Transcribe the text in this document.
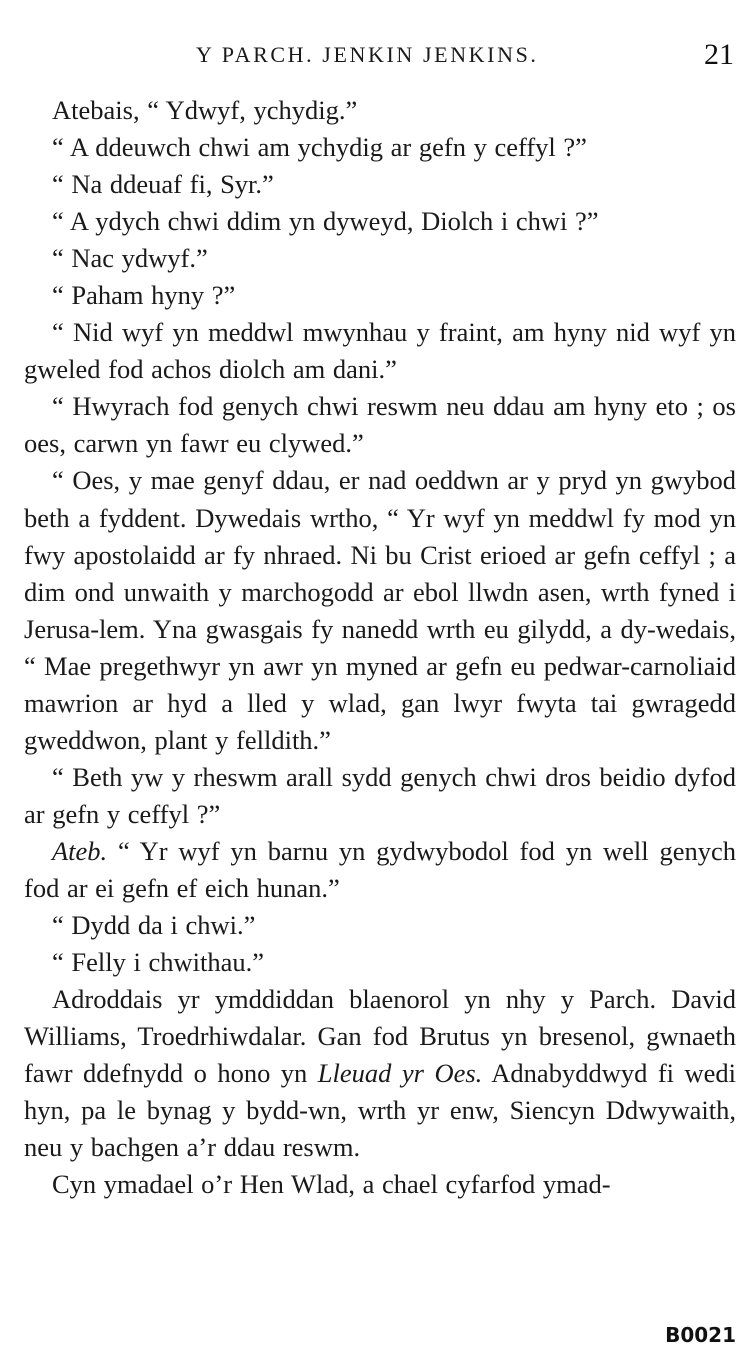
Y PARCH. JENKIN JENKINS.	21

Atebais, “ Ydwyf, ychydig.”

“ A ddeuwch chwi am ychydig ar gefn y ceffyl ?”

“ Na ddeuaf fi, Syr.”

“ A ydych chwi ddim yn dyweyd, Diolch i chwi ?”

“ Nac ydwyf.”

“ Paham hyny ?”

“ Nid wyf yn meddwl mwynhau y fraint, am hyny nid wyf yn gweled fod achos diolch am dani.”

“ Hwyrach fod genych chwi reswm neu ddau am hyny eto ; os oes, carwn yn fawr eu clywed.”

“ Oes, y mae genyf ddau, er nad oeddwn ar y pryd yn gwybod beth a fyddent. Dywedais wrtho, “ Yr wyf yn meddwl fy mod yn fwy apostolaidd ar fy nhraed. Ni bu Crist erioed ar gefn ceffyl ; a dim ond unwaith y marchogodd ar ebol llwdn asen, wrth fyned i Jerusa-lem. Yna gwasgais fy nanedd wrth eu gilydd, a dy-wedais, “ Mae pregethwyr yn awr yn myned ar gefn eu pedwar-carnoliaid mawrion ar hyd a lled y wlad, gan lwyr fwyta tai gwragedd gweddwon, plant y felldith.”

“ Beth yw y rheswm arall sydd genych chwi dros beidio dyfod ar gefn y ceffyl ?”

Ateb. “ Yr wyf yn barnu yn gydwybodol fod yn well genych fod ar ei gefn ef eich hunan.”

“ Dydd da i chwi.”

“ Felly i chwithau.”

Adroddais yr ymddiddan blaenorol yn nhy y Parch. David Williams, Troedrhiwdalar. Gan fod Brutus yn bresenol, gwnaeth fawr ddefnydd o hono yn Lleuad yr Oes. Adnabyddwyd fi wedi hyn, pa le bynag y bydd-wn, wrth yr enw, Siencyn Ddwywaith, neu y bachgen a’r ddau reswm.

Cyn ymadael o’r Hen Wlad, a chael cyfarfod ymad-

B0021
